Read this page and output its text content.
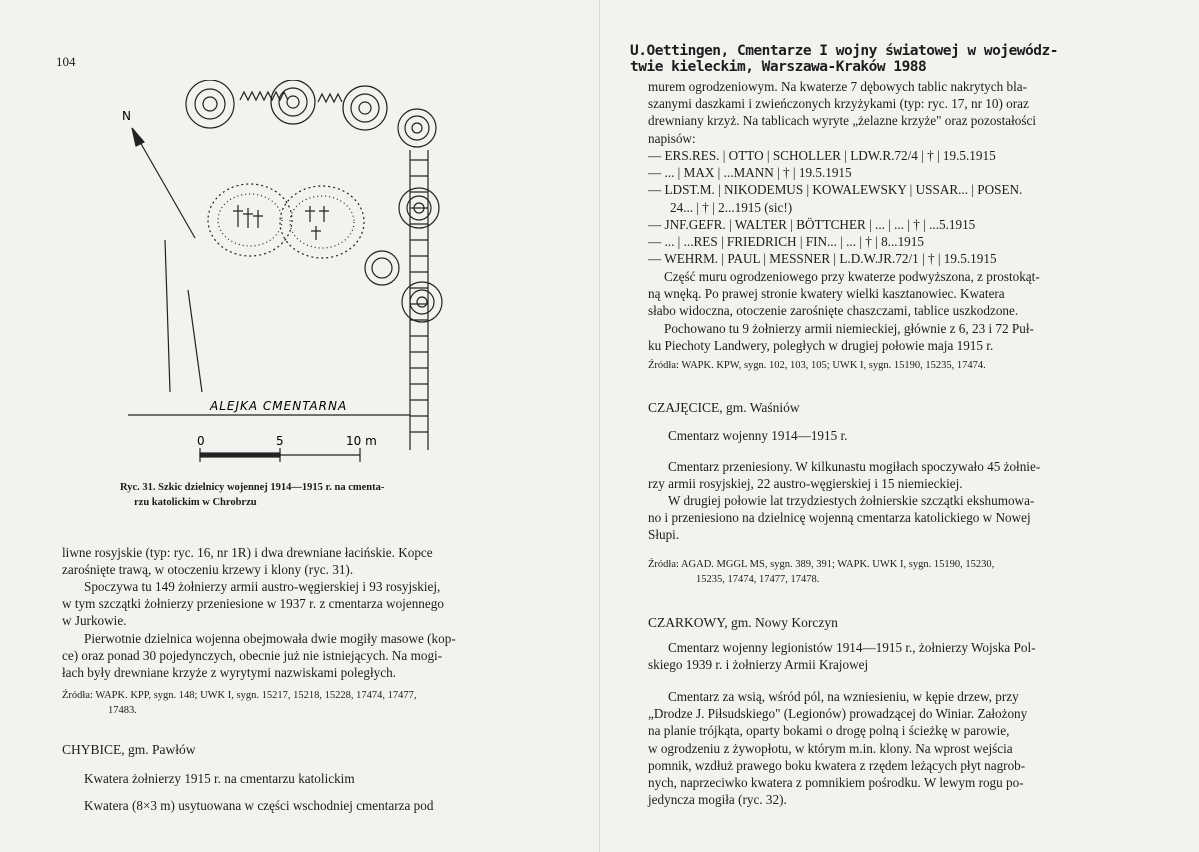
104
N
ALEJKA CMENTARNA
0	5	10 m
Ryc. 31. Szkic dzielnicy wojennej 1914—1915 r. na cmenta-
rzu katolickim w Chrobrzu
liwne rosyjskie (typ: ryc. 16, nr 1R) i dwa drewniane łacińskie. Kopce
zarośnięte trawą, w otoczeniu krzewy i klony (ryc. 31).
Spoczywa tu 149 żołnierzy armii austro-węgierskiej i 93 rosyjskiej,
w tym szczątki żołnierzy przeniesione w 1937 r. z cmentarza wojennego
w Jurkowie.
Pierwotnie dzielnica wojenna obejmowała dwie mogiły masowe (kop-
ce) oraz ponad 30 pojedynczych, obecnie już nie istniejących. Na mogi-
łach były drewniane krzyże z wyrytymi nazwiskami poległych.
Źródła: WAPK. KPP, sygn. 148; UWK I, sygn. 15217, 15218, 15228, 17474, 17477,
17483.
CHYBICE, gm. Pawłów
Kwatera żołnierzy 1915 r. na cmentarzu katolickim
Kwatera (8×3 m) usytuowana w części wschodniej cmentarza pod
U.Oettingen, Cmentarze I wojny światowej w wojewódz-
twie kieleckim, Warszawa-Kraków 1988
murem ogrodzeniowym. Na kwaterze 7 dębowych tablic nakrytych bla-
szanymi daszkami i zwieńczonych krzyżykami (typ: ryc. 17, nr 10) oraz
drewniany krzyż. Na tablicach wyryte „żelazne krzyże" oraz pozostałości
napisów:
— ERS.RES. | OTTO | SCHOLLER | LDW.R.72/4 | † | 19.5.1915
— ... | MAX | ...MANN | † | 19.5.1915
— LDST.M. | NIKODEMUS | KOWALEWSKY | USSAR... | POSEN.
24... | † | 2...1915 (sic!)
— JNF.GEFR. | WALTER | BÖTTCHER | ... | ... | † | ...5.1915
— ... | ...RES | FRIEDRICH | FIN... | ... | † | 8...1915
— WEHRM. | PAUL | MESSNER | L.D.W.JR.72/1 | † | 19.5.1915
Część muru ogrodzeniowego przy kwaterze podwyższona, z prostokąt-
ną wnęką. Po prawej stronie kwatery wielki kasztanowiec. Kwatera
słabo widoczna, otoczenie zarośnięte chaszczami, tablice uszkodzone.
Pochowano tu 9 żołnierzy armii niemieckiej, głównie z 6, 23 i 72 Puł-
ku Piechoty Landwery, poległych w drugiej połowie maja 1915 r.
Źródła: WAPK. KPW, sygn. 102, 103, 105; UWK I, sygn. 15190, 15235, 17474.
CZAJĘCICE, gm. Waśniów
Cmentarz wojenny 1914—1915 r.
Cmentarz przeniesiony. W kilkunastu mogiłach spoczywało 45 żołnie-
rzy armii rosyjskiej, 22 austro-węgierskiej i 15 niemieckiej.
W drugiej połowie lat trzydziestych żołnierskie szczątki ekshumowa-
no i przeniesiono na dzielnicę wojenną cmentarza katolickiego w Nowej
Słupi.
Źródła: AGAD. MGGL MS, sygn. 389, 391; WAPK. UWK I, sygn. 15190, 15230,
15235, 17474, 17477, 17478.
CZARKOWY, gm. Nowy Korczyn
Cmentarz wojenny legionistów 1914—1915 r., żołnierzy Wojska Pol-
skiego 1939 r. i żołnierzy Armii Krajowej
Cmentarz za wsią, wśród pól, na wzniesieniu, w kępie drzew, przy
„Drodze J. Piłsudskiego" (Legionów) prowadzącej do Winiar. Założony
na planie trójkąta, oparty bokami o drogę polną i ścieżkę w parowie,
w ogrodzeniu z żywopłotu, w którym m.in. klony. Na wprost wejścia
pomnik, wzdłuż prawego boku kwatera z rzędem leżących płyt nagrob-
nych, naprzeciwko kwatera z pomnikiem pośrodku. W lewym rogu po-
jedyncza mogiła (ryc. 32).
